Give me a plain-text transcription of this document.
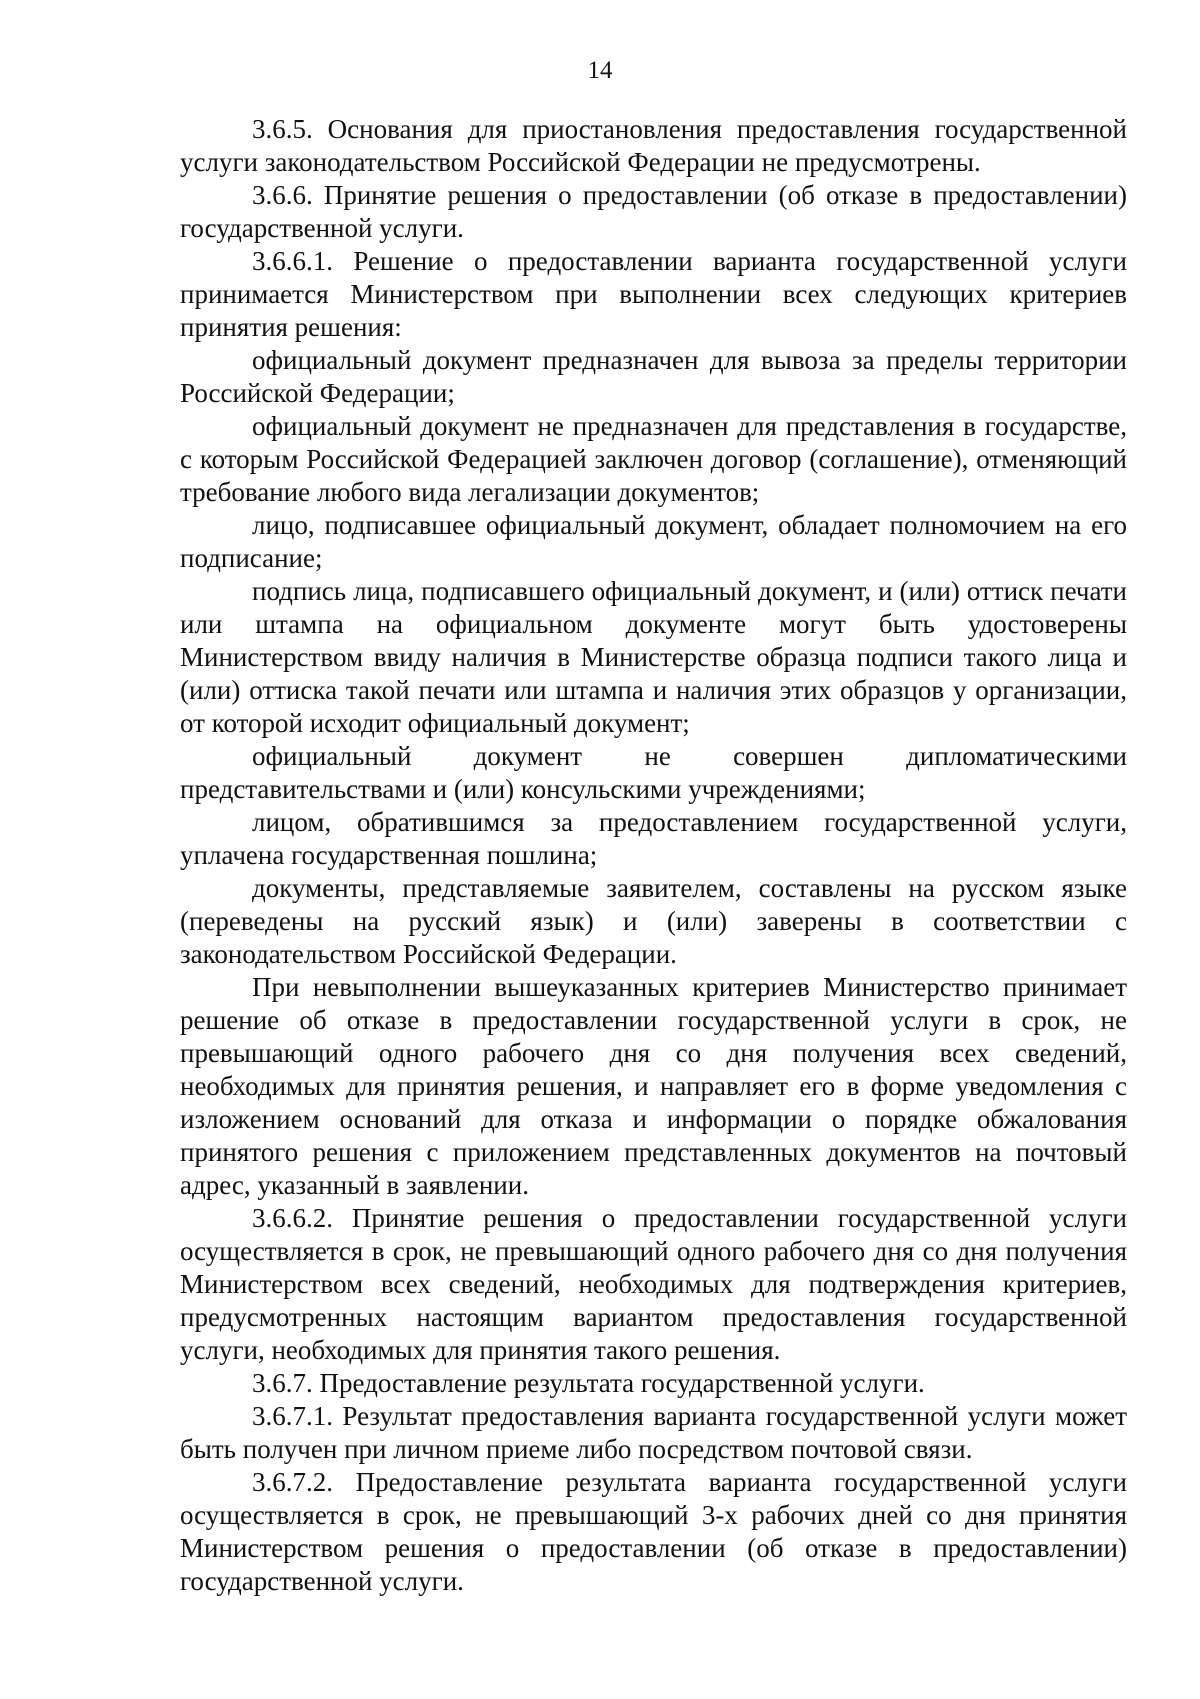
14

3.6.5. Основания для приостановления предоставления государственной услуги законодательством Российской Федерации не предусмотрены.

3.6.6. Принятие решения о предоставлении (об отказе в предоставлении) государственной услуги.

3.6.6.1. Решение о предоставлении варианта государственной услуги принимается Министерством при выполнении всех следующих критериев принятия решения:

официальный документ предназначен для вывоза за пределы территории Российской Федерации;

официальный документ не предназначен для представления в государстве, с которым Российской Федерацией заключен договор (соглашение), отменяющий требование любого вида легализации документов;

лицо, подписавшее официальный документ, обладает полномочием на его подписание;

подпись лица, подписавшего официальный документ, и (или) оттиск печати или штампа на официальном документе могут быть удостоверены Министерством ввиду наличия в Министерстве образца подписи такого лица и (или) оттиска такой печати или штампа и наличия этих образцов у организации, от которой исходит официальный документ;

официальный документ не совершен дипломатическими представительствами и (или) консульскими учреждениями;

лицом, обратившимся за предоставлением государственной услуги, уплачена государственная пошлина;

документы, представляемые заявителем, составлены на русском языке (переведены на русский язык) и (или) заверены в соответствии с законодательством Российской Федерации.

При невыполнении вышеуказанных критериев Министерство принимает решение об отказе в предоставлении государственной услуги в срок, не превышающий одного рабочего дня со дня получения всех сведений, необходимых для принятия решения, и направляет его в форме уведомления с изложением оснований для отказа и информации о порядке обжалования принятого решения с приложением представленных документов на почтовый адрес, указанный в заявлении.

3.6.6.2. Принятие решения о предоставлении государственной услуги осуществляется в срок, не превышающий одного рабочего дня со дня получения Министерством всех сведений, необходимых для подтверждения критериев, предусмотренных настоящим вариантом предоставления государственной услуги, необходимых для принятия такого решения.

3.6.7. Предоставление результата государственной услуги.

3.6.7.1. Результат предоставления варианта государственной услуги может быть получен при личном приеме либо посредством почтовой связи.

3.6.7.2. Предоставление результата варианта государственной услуги осуществляется в срок, не превышающий 3-х рабочих дней со дня принятия Министерством решения о предоставлении (об отказе в предоставлении) государственной услуги.
